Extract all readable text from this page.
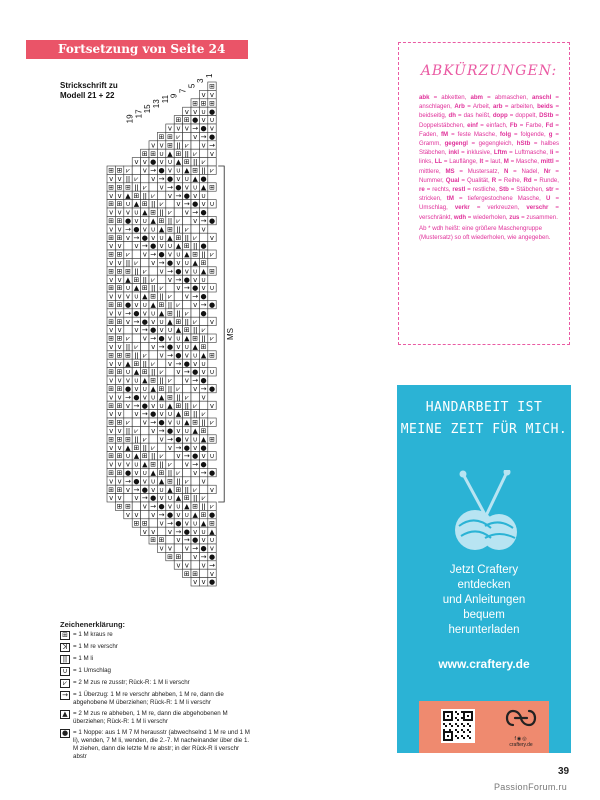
Fortsetzung von Seite 24
Strickschrift zu
Modell 21 + 22
⊞
v v
⊞ ⊞ ⊞
v v ∪ ●
⊞ ⊞ ● v ∪
v v v → ● v
⊞ ⊞ ⩗ v → ●
v v ⊞ ǀǀ ⩗ v →
⊞ ⊞ ∪ ▲ ⊞ ǀǀ ⩗ v
v v ● v ∪ ▲ ⊞ ǀǀ ⩗
⊞ ⊞ ⩗ v → ● v ∪ ▲ ⊞ ǀǀ ⩗
v v ǀǀ ⩗ v → ● v ∪ ▲ ●
⊞ ⊞ ⊞ ǀǀ ⩗ v → ● v ∪ ▲ ⊞
v v ▲ ⊞ ǀǀ ⩗ v → ● v ∪
⊞ ⊞ ∪ ▲ ⊞ ǀǀ ⩗ v → ● v ∪
v v v ∪ ▲ ⊞ ǀǀ ⩗ v → ●
⊞ ⊞ ● v ∪ ▲ ⊞ ǀǀ ⩗ v → ●
v v → ● v ∪ ▲ ⊞ ǀǀ ⩗ v
⊞ ⊞ v → ● v ∪ ▲ ⊞ ǀǀ ⩗ v
v v v → ● v ∪ ▲ ⊞ ǀǀ ●
⊞ ⊞ ⩗ v → ● v ∪ ▲ ⊞ ǀǀ ⩗
v v ǀǀ ⩗ v → ● v ∪ ▲ ⊞
⊞ ⊞ ⊞ ǀǀ ⩗ v → ● v ∪ ▲ ⊞
v v ▲ ⊞ ǀǀ ⩗ v → ● v ∪
⊞ ⊞ ∪ ▲ ⊞ ǀǀ ⩗ v → ● v ∪
v v v ∪ ▲ ⊞ ǀǀ ⩗ v → ●
⊞ ⊞ ● v ∪ ▲ ⊞ ǀǀ ⩗ v → ●
v v → ● v ∪ ▲ ⊞ ǀǀ ⩗ ●
⊞ ⊞ v → ● v ∪ ▲ ⊞ ǀǀ ⩗ v
v v v → ● v ∪ ▲ ⊞ ǀǀ ⩗
⊞ ⊞ ⩗ v → ● v ∪ ▲ ⊞ ǀǀ ⩗
v v ǀǀ ⩗ v → ● v ∪ ▲ ⊞
⊞ ⊞ ⊞ ǀǀ ⩗ v → ● v ∪ ▲ ⊞
v v ▲ ⊞ ǀǀ ⩗ v → ● v ∪
⊞ ⊞ ∪ ▲ ⊞ ǀǀ ⩗ v → ● v ∪
v v v ∪ ▲ ⊞ ǀǀ ⩗ v → ●
⊞ ⊞ ● v ∪ ▲ ⊞ ǀǀ ⩗ v → ●
v v → ● v ∪ ▲ ⊞ ǀǀ ⩗ v
⊞ ⊞ v → ● v ∪ ▲ ⊞ ǀǀ ⩗ v
v v v → ● v ∪ ▲ ⊞ ǀǀ ⩗
⊞ ⊞ ⩗ v → ● v ∪ ▲ ⊞ ǀǀ ⩗
v v ǀǀ ⩗ v → ● v ∪ ▲ ⊞
⊞ ⊞ ⊞ ǀǀ ⩗ v → ● v ∪ ▲ ⊞
v v ▲ ⊞ ǀǀ ⩗ v → ● v ●
⊞ ⊞ ∪ ▲ ⊞ ǀǀ ⩗ v → ● v ∪
v v v ∪ ▲ ⊞ ǀǀ ⩗ v → ●
⊞ ⊞ ● v ∪ ▲ ⊞ ǀǀ ⩗ v → ●
v v → ● v ∪ ▲ ⊞ ǀǀ ⩗ v
⊞ ⊞ v → ● v ∪ ▲ ⊞ ǀǀ ⩗ v
v v v → ● v ∪ ▲ ⊞ ǀǀ ⩗
⊞ ⊞ v → ● v ∪ ▲ ⊞ ǀǀ ⩗
v v v → ● v ∪ ▲ ⊞ ●
⊞ ⊞ v → ● v ∪ ▲ ⊞
v v v → ● v ∪ ▲
⊞ ⊞ v → ● v ∪
v v v → ● v
⊞ ⊞ v → ●
v v v →
⊞ ⊞ v
v v ●
1
3
5
7
9
11
13
15
17
19
MS
Zeichenerklärung:
⊞ = 1 M kraus re
ꓘ = 1 M re verschr
ǀǀ = 1 M li
∪ = 1 Umschlag
⩗ = 2 M zus re zusstr; Rück-R: 1 M li verschr
→ = 1 Überzug: 1 M re verschr abheben, 1 M re, dann die abgehobene M überziehen; Rück-R: 1 M li verschr
▲ = 2 M zus re abheben, 1 M re, dann die abgehobenen M überziehen; Rück-R: 1 M li verschr
● = 1 Noppe: aus 1 M 7 M herausstr (abwechselnd 1 M re und 1 M li), wenden, 7 M li, wenden, die 2.-7. M nacheinander über die 1. M ziehen, dann die letzte M re abstr; in der Rück-R li verschr abstr
ABKÜRZUNGEN:
abk = abketten, abm = abmaschen, anschl = anschlagen, Arb = Arbeit, arb = arbeiten, beids = beidseitig, dh = das heißt, dopp = doppelt, DStb = Doppelstäbchen, einf = einfach, Fb = Farbe, Fd = Faden, fM = feste Masche, folg = folgende, g = Gramm, gegengl = gegengleich, hStb = halbes Stäbchen, inkl = inklusive, Lftm = Luftmasche, li = links, LL = Lauflänge, lt = laut, M = Masche, mittl = mittlere, MS = Mustersatz, N = Nadel, Nr = Nummer, Qual = Qualität, R = Reihe, Rd = Runde, re = rechts, restl = restliche, Stb = Stäbchen, str = stricken, tM = tiefergestochene Masche, U = Umschlag, verkr = verkreuzen, verschr = verschränkt, wdh = wiederholen, zus = zusammen.
Ab * wdh heißt: eine größere Maschengruppe (Mustersatz) so oft wiederholen, wie angegeben.
HANDARBEIT IST
MEINE ZEIT FÜR MICH.
Jetzt Craftery
entdecken
und Anleitungen
bequem
herunterladen
www.craftery.de
f◉◎
craftery.de
39
PassionForum.ru
